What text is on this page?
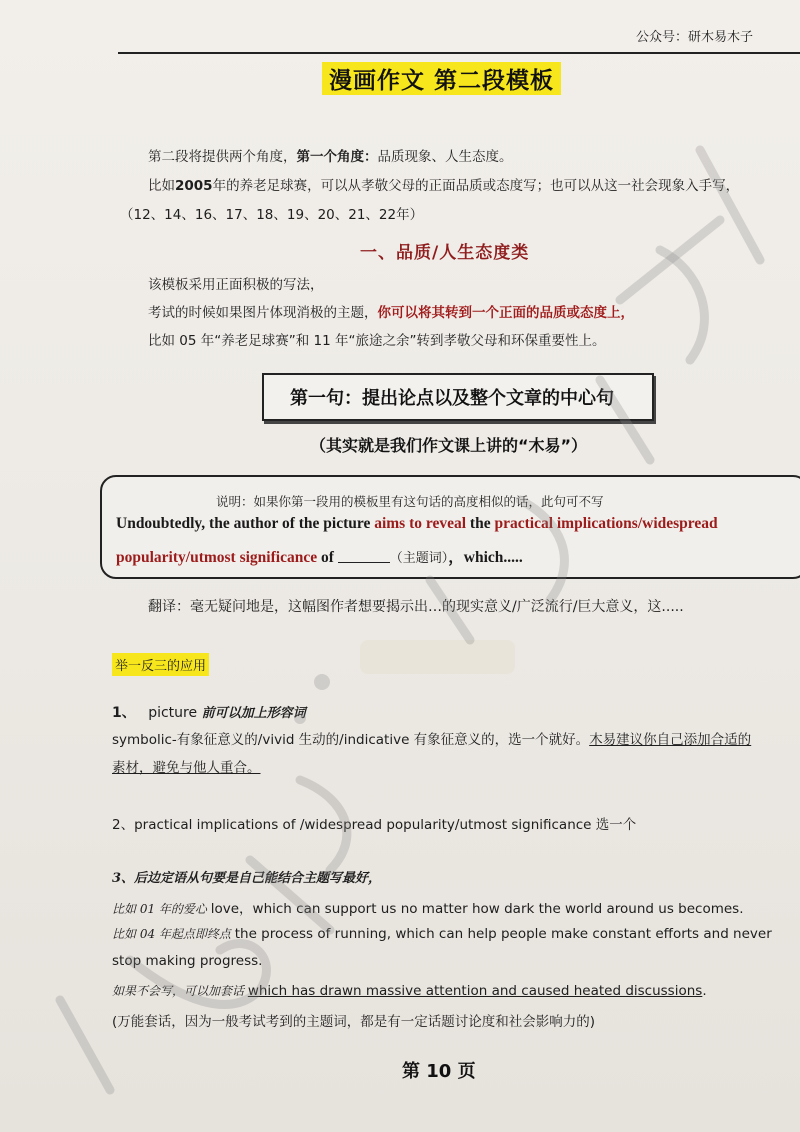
公众号：研木易木子
漫画作文 第二段模板
第二段将提供两个角度，第一个角度：品质现象、人生态度。
比如2005年的养老足球赛，可以从孝敬父母的正面品质或态度写；也可以从这一社会现象入手写，
（12、14、16、17、18、19、20、21、22年）
一、品质/人生态度类
该模板采用正面积极的写法，
考试的时候如果图片体现消极的主题，你可以将其转到一个正面的品质或态度上，
比如 05 年“养老足球赛”和 11 年“旅途之余”转到孝敬父母和环保重要性上。
第一句：提出论点以及整个文章的中心句
（其实就是我们作文课上讲的“木易”）
说明：如果你第一段用的模板里有这句话的高度相似的话，此句可不写
Undoubtedly, the author of the picture aims to reveal the practical implications/widespread
popularity/utmost significance of	（主题词），which.....
翻译：毫无疑问地是，这幅图作者想要揭示出…的现实意义/广泛流行/巨大意义，这.....
举一反三的应用
1、 picture 前可以加上形容词
symbolic-有象征意义的/vivid 生动的/indicative 有象征意义的，选一个就好。木易建议你自己添加合适的
素材，避免与他人重合。
2、practical implications of /widespread popularity/utmost significance 选一个
3、后边定语从句要是自己能结合主题写最好，
比如 01 年的爱心 love，which can support us no matter how dark the world around us becomes.
比如 04 年起点即终点 the process of running, which can help people make constant efforts and never
stop making progress.
如果不会写，可以加套话 which has drawn massive attention and caused heated discussions.
(万能套话，因为一般考试考到的主题词，都是有一定话题讨论度和社会影响力的)
第 10 页
